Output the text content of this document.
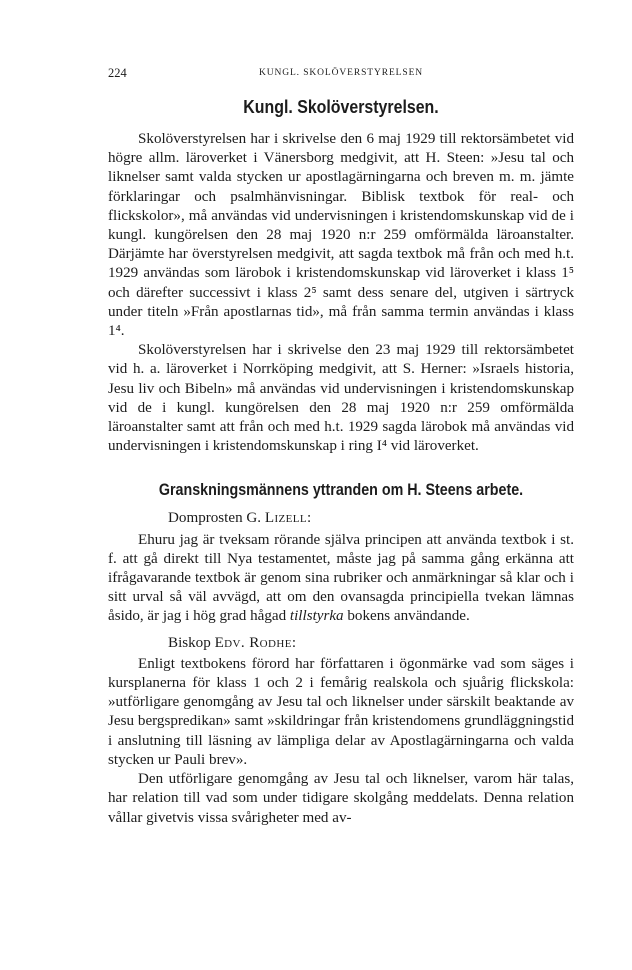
224	KUNGL. SKOLÖVERSTYRELSEN
Kungl. Skolöverstyrelsen.

Skolöverstyrelsen har i skrivelse den 6 maj 1929 till rektorsämbetet vid högre allm. läroverket i Vänersborg medgivit, att H. Steen: »Jesu tal och liknelser samt valda stycken ur apostlagärningarna och breven m. m. jämte förklaringar och psalmhänvisningar. Biblisk textbok för real- och flickskolor», må användas vid undervisningen i kristendomskunskap vid de i kungl. kungörelsen den 28 maj 1920 n:r 259 omförmälda läroanstalter. Därjämte har överstyrelsen medgivit, att sagda textbok må från och med h.t. 1929 användas som lärobok i kristendomskunskap vid läroverket i klass 1⁵ och därefter successivt i klass 2⁵ samt dess senare del, utgiven i särtryck under titeln »Från apostlarnas tid», må från samma termin användas i klass 1⁴.

Skolöverstyrelsen har i skrivelse den 23 maj 1929 till rektorsämbetet vid h. a. läroverket i Norrköping medgivit, att S. Herner: »Israels historia, Jesu liv och Bibeln» må användas vid undervisningen i kristendomskunskap vid de i kungl. kungörelsen den 28 maj 1920 n:r 259 omförmälda läroanstalter samt att från och med h.t. 1929 sagda lärobok må användas vid undervisningen i kristendomskunskap i ring I⁴ vid läroverket.

Granskningsmännens yttranden om H. Steens arbete.

Domprosten G. Lizell:

Ehuru jag är tveksam rörande själva principen att använda textbok i st. f. att gå direkt till Nya testamentet, måste jag på samma gång erkänna att ifrågavarande textbok är genom sina rubriker och anmärkningar så klar och i sitt urval så väl avvägd, att om den ovansagda principiella tvekan lämnas åsido, är jag i hög grad hågad tillstyrka bokens användande.

Biskop Edv. Rodhe:

Enligt textbokens förord har författaren i ögonmärke vad som säges i kursplanerna för klass 1 och 2 i femårig realskola och sjuårig flickskola: »utförligare genomgång av Jesu tal och liknelser under särskilt beaktande av Jesu bergspredikan» samt »skildringar från kristendomens grundläggningstid i anslutning till läsning av lämpliga delar av Apostlagärningarna och valda stycken ur Pauli brev».

Den utförligare genomgång av Jesu tal och liknelser, varom här talas, har relation till vad som under tidigare skolgång meddelats. Denna relation vållar givetvis vissa svårigheter med av-
